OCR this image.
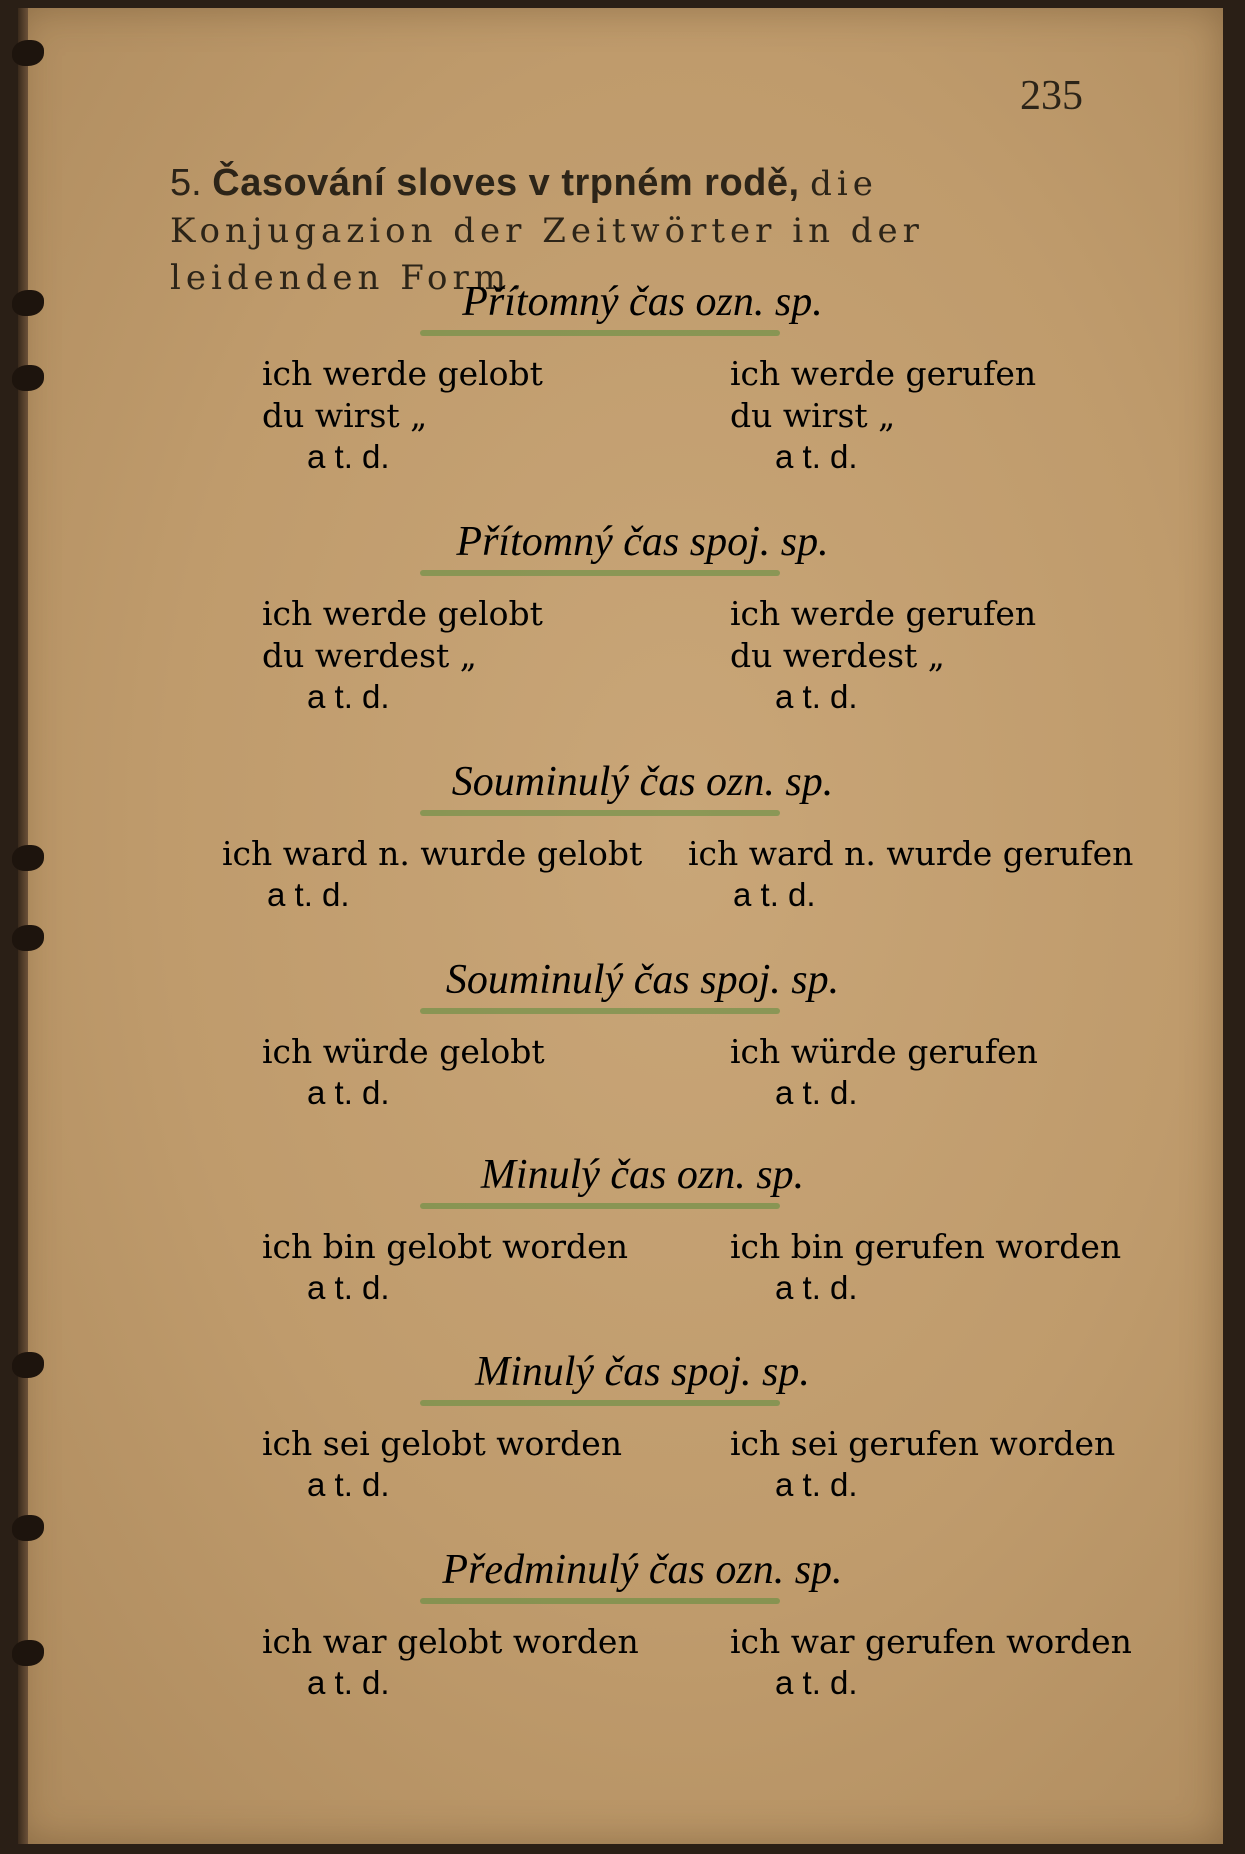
235
5. Časování sloves v trpném rodě, die Konjugazion der Zeitwörter in der leidenden Form.
Přítomný čas ozn. sp.
ich werde gelobt
du wirst „
a t. d.
ich werde gerufen
du wirst „
a t. d.
Přítomný čas spoj. sp.
ich werde gelobt
du werdest „
a t. d.
ich werde gerufen
du werdest „
a t. d.
Souminulý čas ozn. sp.
ich ward n. wurde gelobt
a t. d.
ich ward n. wurde gerufen
a t. d.
Souminulý čas spoj. sp.
ich würde gelobt
a t. d.
ich würde gerufen
a t. d.
Minulý čas ozn. sp.
ich bin gelobt worden
a t. d.
ich bin gerufen worden
a t. d.
Minulý čas spoj. sp.
ich sei gelobt worden
a t. d.
ich sei gerufen worden
a t. d.
Předminulý čas ozn. sp.
ich war gelobt worden
a t. d.
ich war gerufen worden
a t. d.
